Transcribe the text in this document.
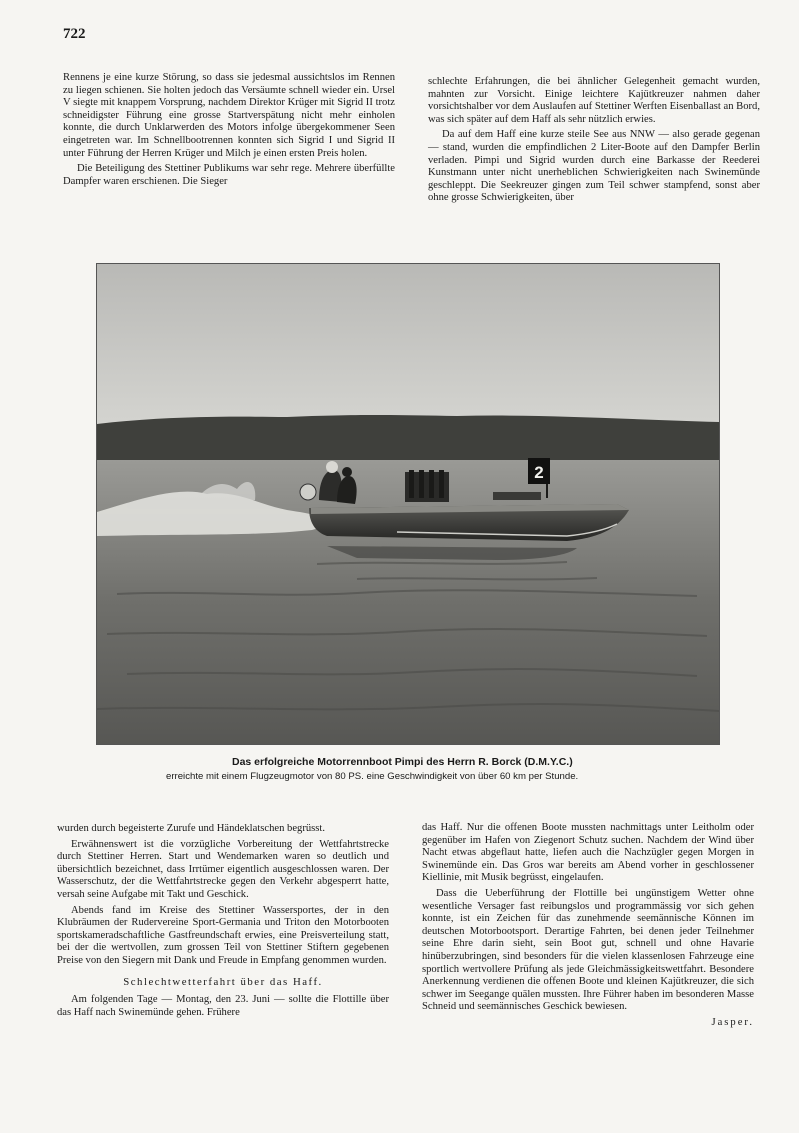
722

Rennens je eine kurze Störung, so dass sie jedesmal aussichtslos im Rennen zu liegen schienen. Sie holten jedoch das Versäumte schnell wieder ein. Ursel V siegte mit knappem Vorsprung, nachdem Direktor Krüger mit Sigrid II trotz schneidigster Führung eine grosse Startverspätung nicht mehr einholen konnte, die durch Unklarwerden des Motors infolge übergekommener Seen eingetreten war. Im Schnellbootrennen konnten sich Sigrid I und Sigrid II unter Führung der Herren Krüger und Milch je einen ersten Preis holen.

Die Beteiligung des Stettiner Publikums war sehr rege. Mehrere überfüllte Dampfer waren erschienen. Die Sieger

schlechte Erfahrungen, die bei ähnlicher Gelegenheit gemacht wurden, mahnten zur Vorsicht. Einige leichtere Kajütkreuzer nahmen daher vorsichtshalber vor dem Auslaufen auf Stettiner Werften Eisenballast an Bord, was sich später auf dem Haff als sehr nützlich erwies.

Da auf dem Haff eine kurze steile See aus NNW — also gerade gegenan — stand, wurden die empfindlichen 2 Liter-Boote auf den Dampfer Berlin verladen. Pimpi und Sigrid wurden durch eine Barkasse der Reederei Kunstmann unter nicht unerheblichen Schwierigkeiten nach Swinemünde geschleppt. Die Seekreuzer gingen zum Teil schwer stampfend, sonst aber ohne grosse Schwierigkeiten, über

2

Das erfolgreiche Motorrennboot Pimpi des Herrn R. Borck (D.M.Y.C.)

erreichte mit einem Flugzeugmotor von 80 PS. eine Geschwindigkeit von über 60 km per Stunde.

wurden durch begeisterte Zurufe und Händeklatschen begrüsst.

Erwähnenswert ist die vorzügliche Vorbereitung der Wettfahrtstrecke durch Stettiner Herren. Start und Wendemarken waren so deutlich und übersichtlich bezeichnet, dass Irrtümer eigentlich ausgeschlossen waren. Der Wasserschutz, der die Wettfahrtstrecke gegen den Verkehr abgesperrt hatte, versah seine Aufgabe mit Takt und Geschick.

Abends fand im Kreise des Stettiner Wassersportes, der in den Klubräumen der Rudervereine Sport-Germania und Triton den Motorbooten sportskameradschaftliche Gastfreundschaft erwies, eine Preisverteilung statt, bei der die wertvollen, zum grossen Teil von Stettiner Stiftern gegebenen Preise von den Siegern mit Dank und Freude in Empfang genommen wurden.

Schlechtwetterfahrt über das Haff.

Am folgenden Tage — Montag, den 23. Juni — sollte die Flottille über das Haff nach Swinemünde gehen. Frühere

das Haff. Nur die offenen Boote mussten nachmittags unter Leitholm oder gegenüber im Hafen von Ziegenort Schutz suchen. Nachdem der Wind über Nacht etwas abgeflaut hatte, liefen auch die Nachzügler gegen Morgen in Swinemünde ein. Das Gros war bereits am Abend vorher in geschlossener Kiellinie, mit Musik begrüsst, eingelaufen.

Dass die Ueberführung der Flottille bei ungünstigem Wetter ohne wesentliche Versager fast reibungslos und programmässig vor sich gehen konnte, ist ein Zeichen für das zunehmende seemännische Können im deutschen Motorbootsport. Derartige Fahrten, bei denen jeder Teilnehmer seine Ehre darin sieht, sein Boot gut, schnell und ohne Havarie hinüberzubringen, sind besonders für die vielen klassenlosen Fahrzeuge eine sportlich wertvollere Prüfung als jede Gleichmässigkeitswettfahrt. Besondere Anerkennung verdienen die offenen Boote und kleinen Kajütkreuzer, die sich schwer im Seegange quälen mussten. Ihre Führer haben im besonderen Masse Schneid und seemännisches Geschick bewiesen.

Jasper.
